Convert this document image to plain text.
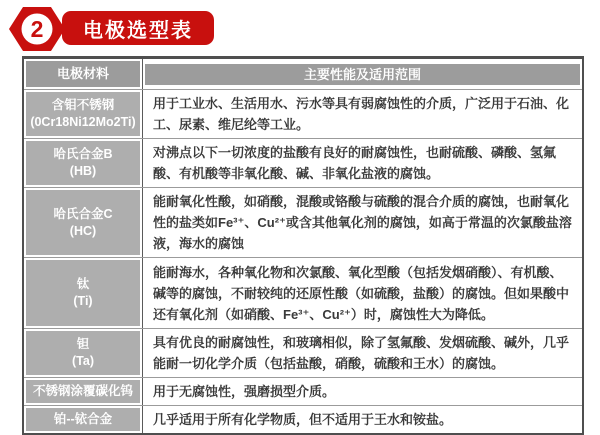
电极选型表
2
电极材料	主要性能及适用范围
含钼不锈钢
(0Cr18Ni12Mo2Ti)
用于工业水、生活用水、污水等具有弱腐蚀性的介质，广泛用于石油、化工、尿素、维尼纶等工业。
哈氏合金B
(HB)
对沸点以下一切浓度的盐酸有良好的耐腐蚀性，也耐硫酸、磷酸、氢氟酸、有机酸等非氧化酸、碱、非氧化盐液的腐蚀。
哈氏合金C
(HC)
能耐氧化性酸，如硝酸，混酸或铬酸与硫酸的混合介质的腐蚀，也耐氧化性的盐类如Fe³⁺、Cu²⁺或含其他氧化剂的腐蚀，如高于常温的次氯酸盐溶液，海水的腐蚀
钛
(Ti)
能耐海水，各种氧化物和次氯酸、氧化型酸（包括发烟硝酸）、有机酸、碱等的腐蚀，不耐较纯的还原性酸（如硫酸，盐酸）的腐蚀。但如果酸中还有氧化剂（如硝酸、Fe³⁺、Cu²⁺）时，腐蚀性大为降低。
钽
(Ta)
具有优良的耐腐蚀性，和玻璃相似，除了氢氟酸、发烟硫酸、碱外，几乎能耐一切化学介质（包括盐酸，硝酸，硫酸和王水）的腐蚀。
不锈钢涂覆碳化钨 用于无腐蚀性，强磨损型介质。
铂--铱合金	几乎适用于所有化学物质，但不适用于王水和铵盐。
